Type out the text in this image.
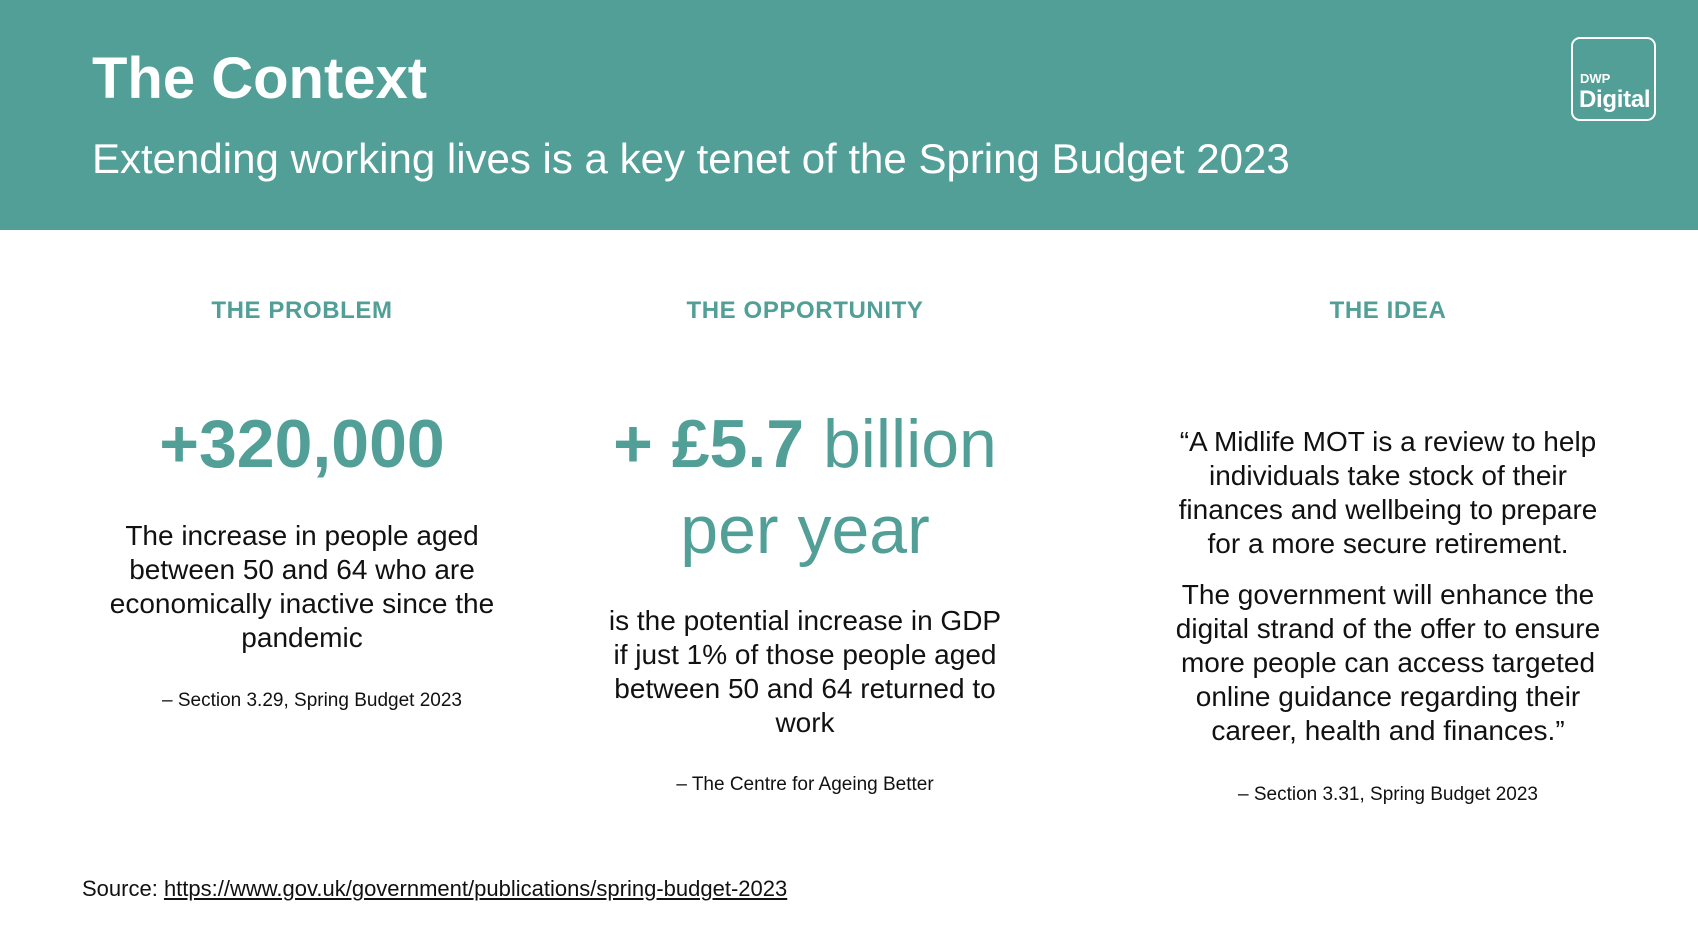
The Context
Extending working lives is a key tenet of the Spring Budget 2023
DWP
Digital
THE PROBLEM
+320,000
The increase in people aged between 50 and 64 who are economically inactive since the pandemic
– Section 3.29, Spring Budget 2023
THE OPPORTUNITY
+ £5.7 billion
per year
is the potential increase in GDP if just 1% of those people aged between 50 and 64 returned to work
– The Centre for Ageing Better
THE IDEA
“A Midlife MOT is a review to help individuals take stock of their finances and wellbeing to prepare for a more secure retirement.
The government will enhance the digital strand of the offer to ensure more people can access targeted online guidance regarding their career, health and finances.”
– Section 3.31, Spring Budget 2023
Source: https://www.gov.uk/government/publications/spring-budget-2023
